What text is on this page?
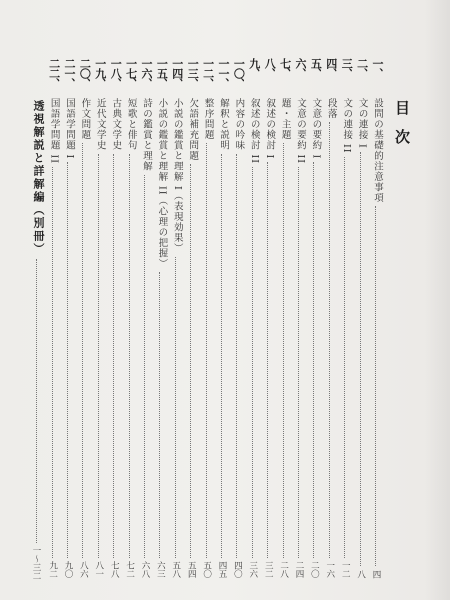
目次
一、
設問の基礎的注意事項
四
二、
文の連接 I
八
三、
文の連接 II
一二
四、
段落
一六
五、
文意の要約 I
二〇
六、
文意の要約 II
二四
七、
題・主題
二八
八、
叙述の検討 I
三二
九、
叙述の検討 II
三六
一〇、
内容の吟味
四〇
一一、
解釈と説明
四五
一二、
整序問題
五〇
一三、
欠語補充問題
五四
一四、
小説の鑑賞と理解 I（表現効果）
五八
一五、
小説の鑑賞と理解 II（心理の把握）
六三
一六、
詩の鑑賞と理解
六八
一七、
短歌と俳句
七二
一八、
古典文学史
七八
一九、
近代文学史
八一
二〇、
作文問題
八六
二一、
国語学問題 I
九〇
二二、
国語学問題 II
九二
透視解説と詳解編（別冊）
一〜三二
